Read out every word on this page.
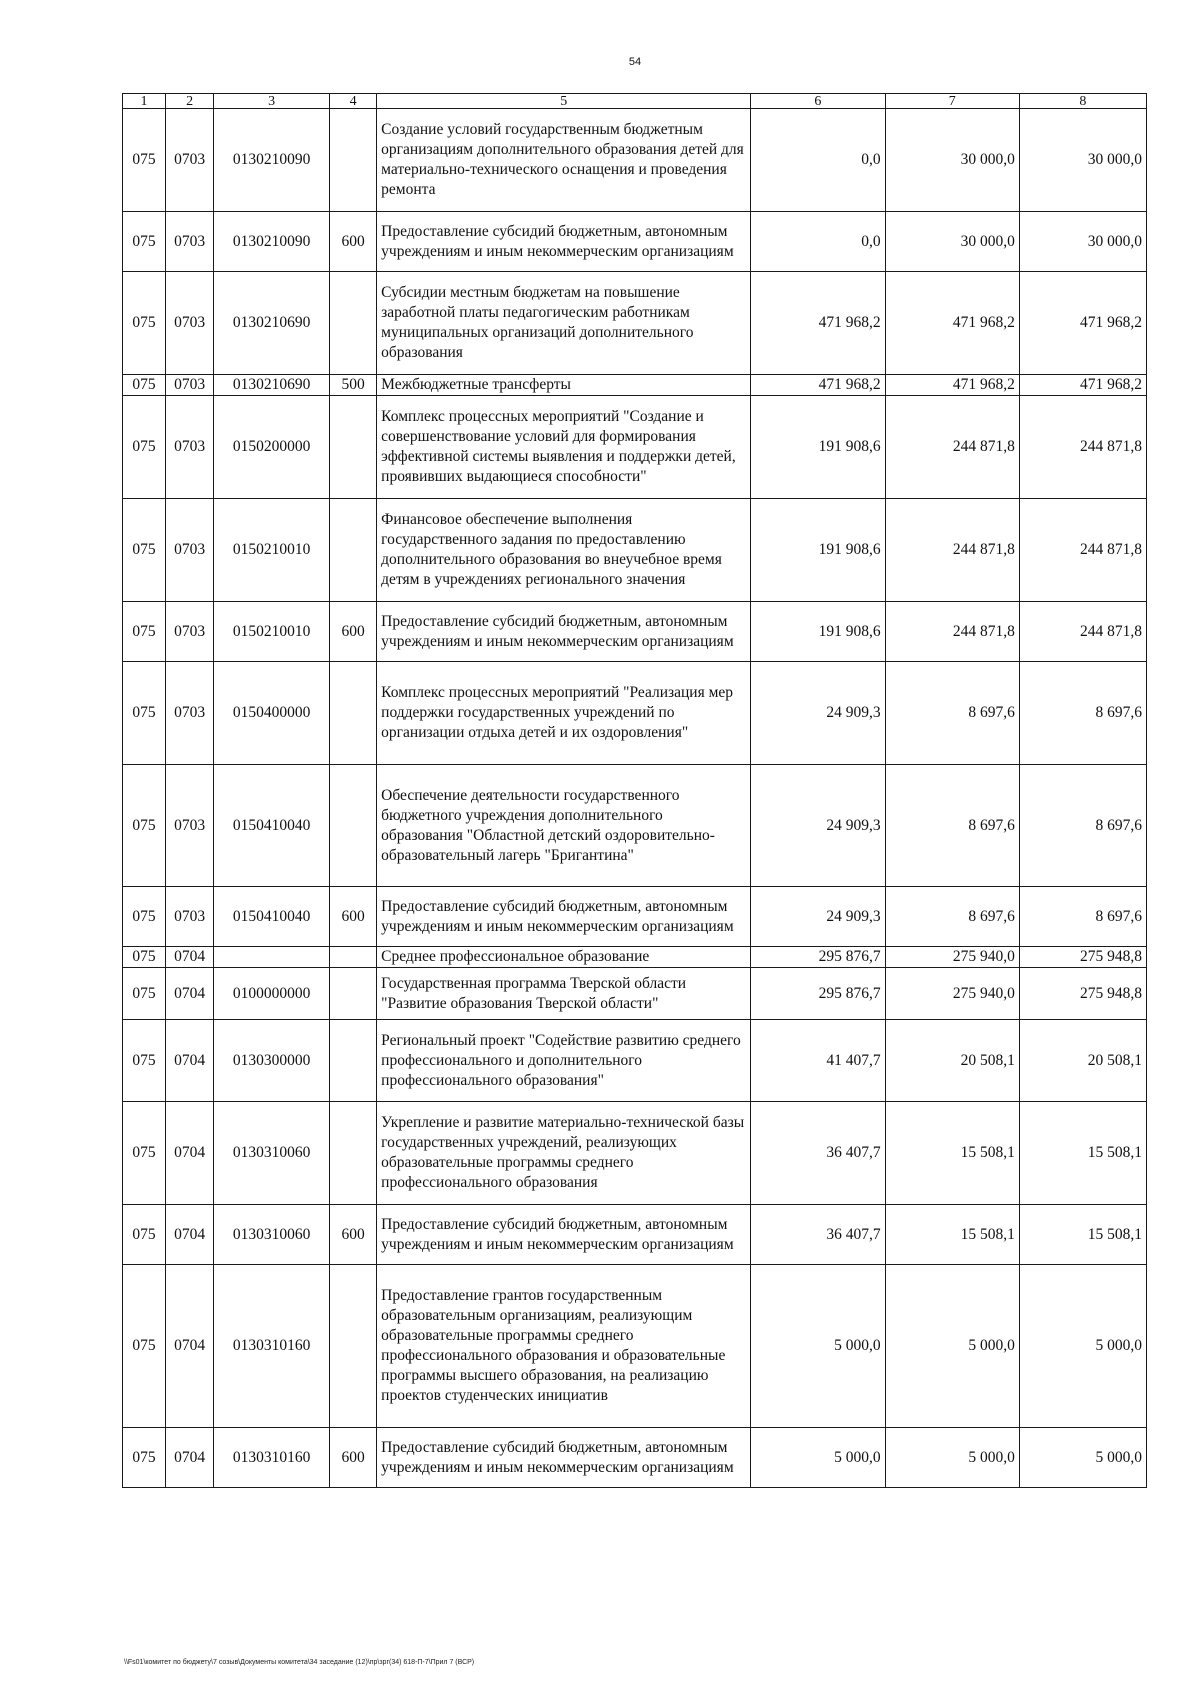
54
1	2	3	4	5	6	7	8
075	0703	0130210090		Создание условий государственным бюджетным организациям дополнительного образования детей для материально-технического оснащения и проведения ремонта	0,0	30 000,0	30 000,0
075	0703	0130210090	600	Предоставление субсидий бюджетным, автономным учреждениям и иным некоммерческим организациям	0,0	30 000,0	30 000,0
075	0703	0130210690		Субсидии местным бюджетам на повышение заработной платы педагогическим работникам муниципальных организаций дополнительного образования	471 968,2	471 968,2	471 968,2
075	0703	0130210690	500	Межбюджетные трансферты	471 968,2	471 968,2	471 968,2
075	0703	0150200000		Комплекс процессных мероприятий "Создание и совершенствование условий для формирования эффективной системы выявления и поддержки детей, проявивших выдающиеся способности"	191 908,6	244 871,8	244 871,8
075	0703	0150210010		Финансовое обеспечение выполнения государственного задания по предоставлению дополнительного образования во внеучебное время детям в учреждениях регионального значения	191 908,6	244 871,8	244 871,8
075	0703	0150210010	600	Предоставление субсидий бюджетным, автономным учреждениям и иным некоммерческим организациям	191 908,6	244 871,8	244 871,8
075	0703	0150400000		Комплекс процессных мероприятий "Реализация мер поддержки государственных учреждений по организации отдыха детей и их оздоровления"	24 909,3	8 697,6	8 697,6
075	0703	0150410040		Обеспечение деятельности государственного бюджетного учреждения дополнительного образования "Областной детский оздоровительно-образовательный лагерь "Бригантина"	24 909,3	8 697,6	8 697,6
075	0703	0150410040	600	Предоставление субсидий бюджетным, автономным учреждениям и иным некоммерческим организациям	24 909,3	8 697,6	8 697,6
075	0704			Среднее профессиональное образование	295 876,7	275 940,0	275 948,8
075	0704	0100000000		Государственная программа Тверской области "Развитие образования Тверской области"	295 876,7	275 940,0	275 948,8
075	0704	0130300000		Региональный проект "Содействие развитию среднего профессионального и дополнительного профессионального образования"	41 407,7	20 508,1	20 508,1
075	0704	0130310060		Укрепление и развитие материально-технической базы государственных учреждений, реализующих образовательные программы среднего профессионального образования	36 407,7	15 508,1	15 508,1
075	0704	0130310060	600	Предоставление субсидий бюджетным, автономным учреждениям и иным некоммерческим организациям	36 407,7	15 508,1	15 508,1
075	0704	0130310160		Предоставление грантов государственным образовательным организациям, реализующим образовательные программы среднего профессионального образования и образовательные программы высшего образования, на реализацию проектов студенческих инициатив	5 000,0	5 000,0	5 000,0
075	0704	0130310160	600	Предоставление субсидий бюджетным, автономным учреждениям и иным некоммерческим организациям	5 000,0	5 000,0	5 000,0
\\Fs01\комитет по бюджету\7 созыв\Документы комитета\34 заседание (12)\пр\зрг(34) 618-П-7\Прил 7 (ВСР)
